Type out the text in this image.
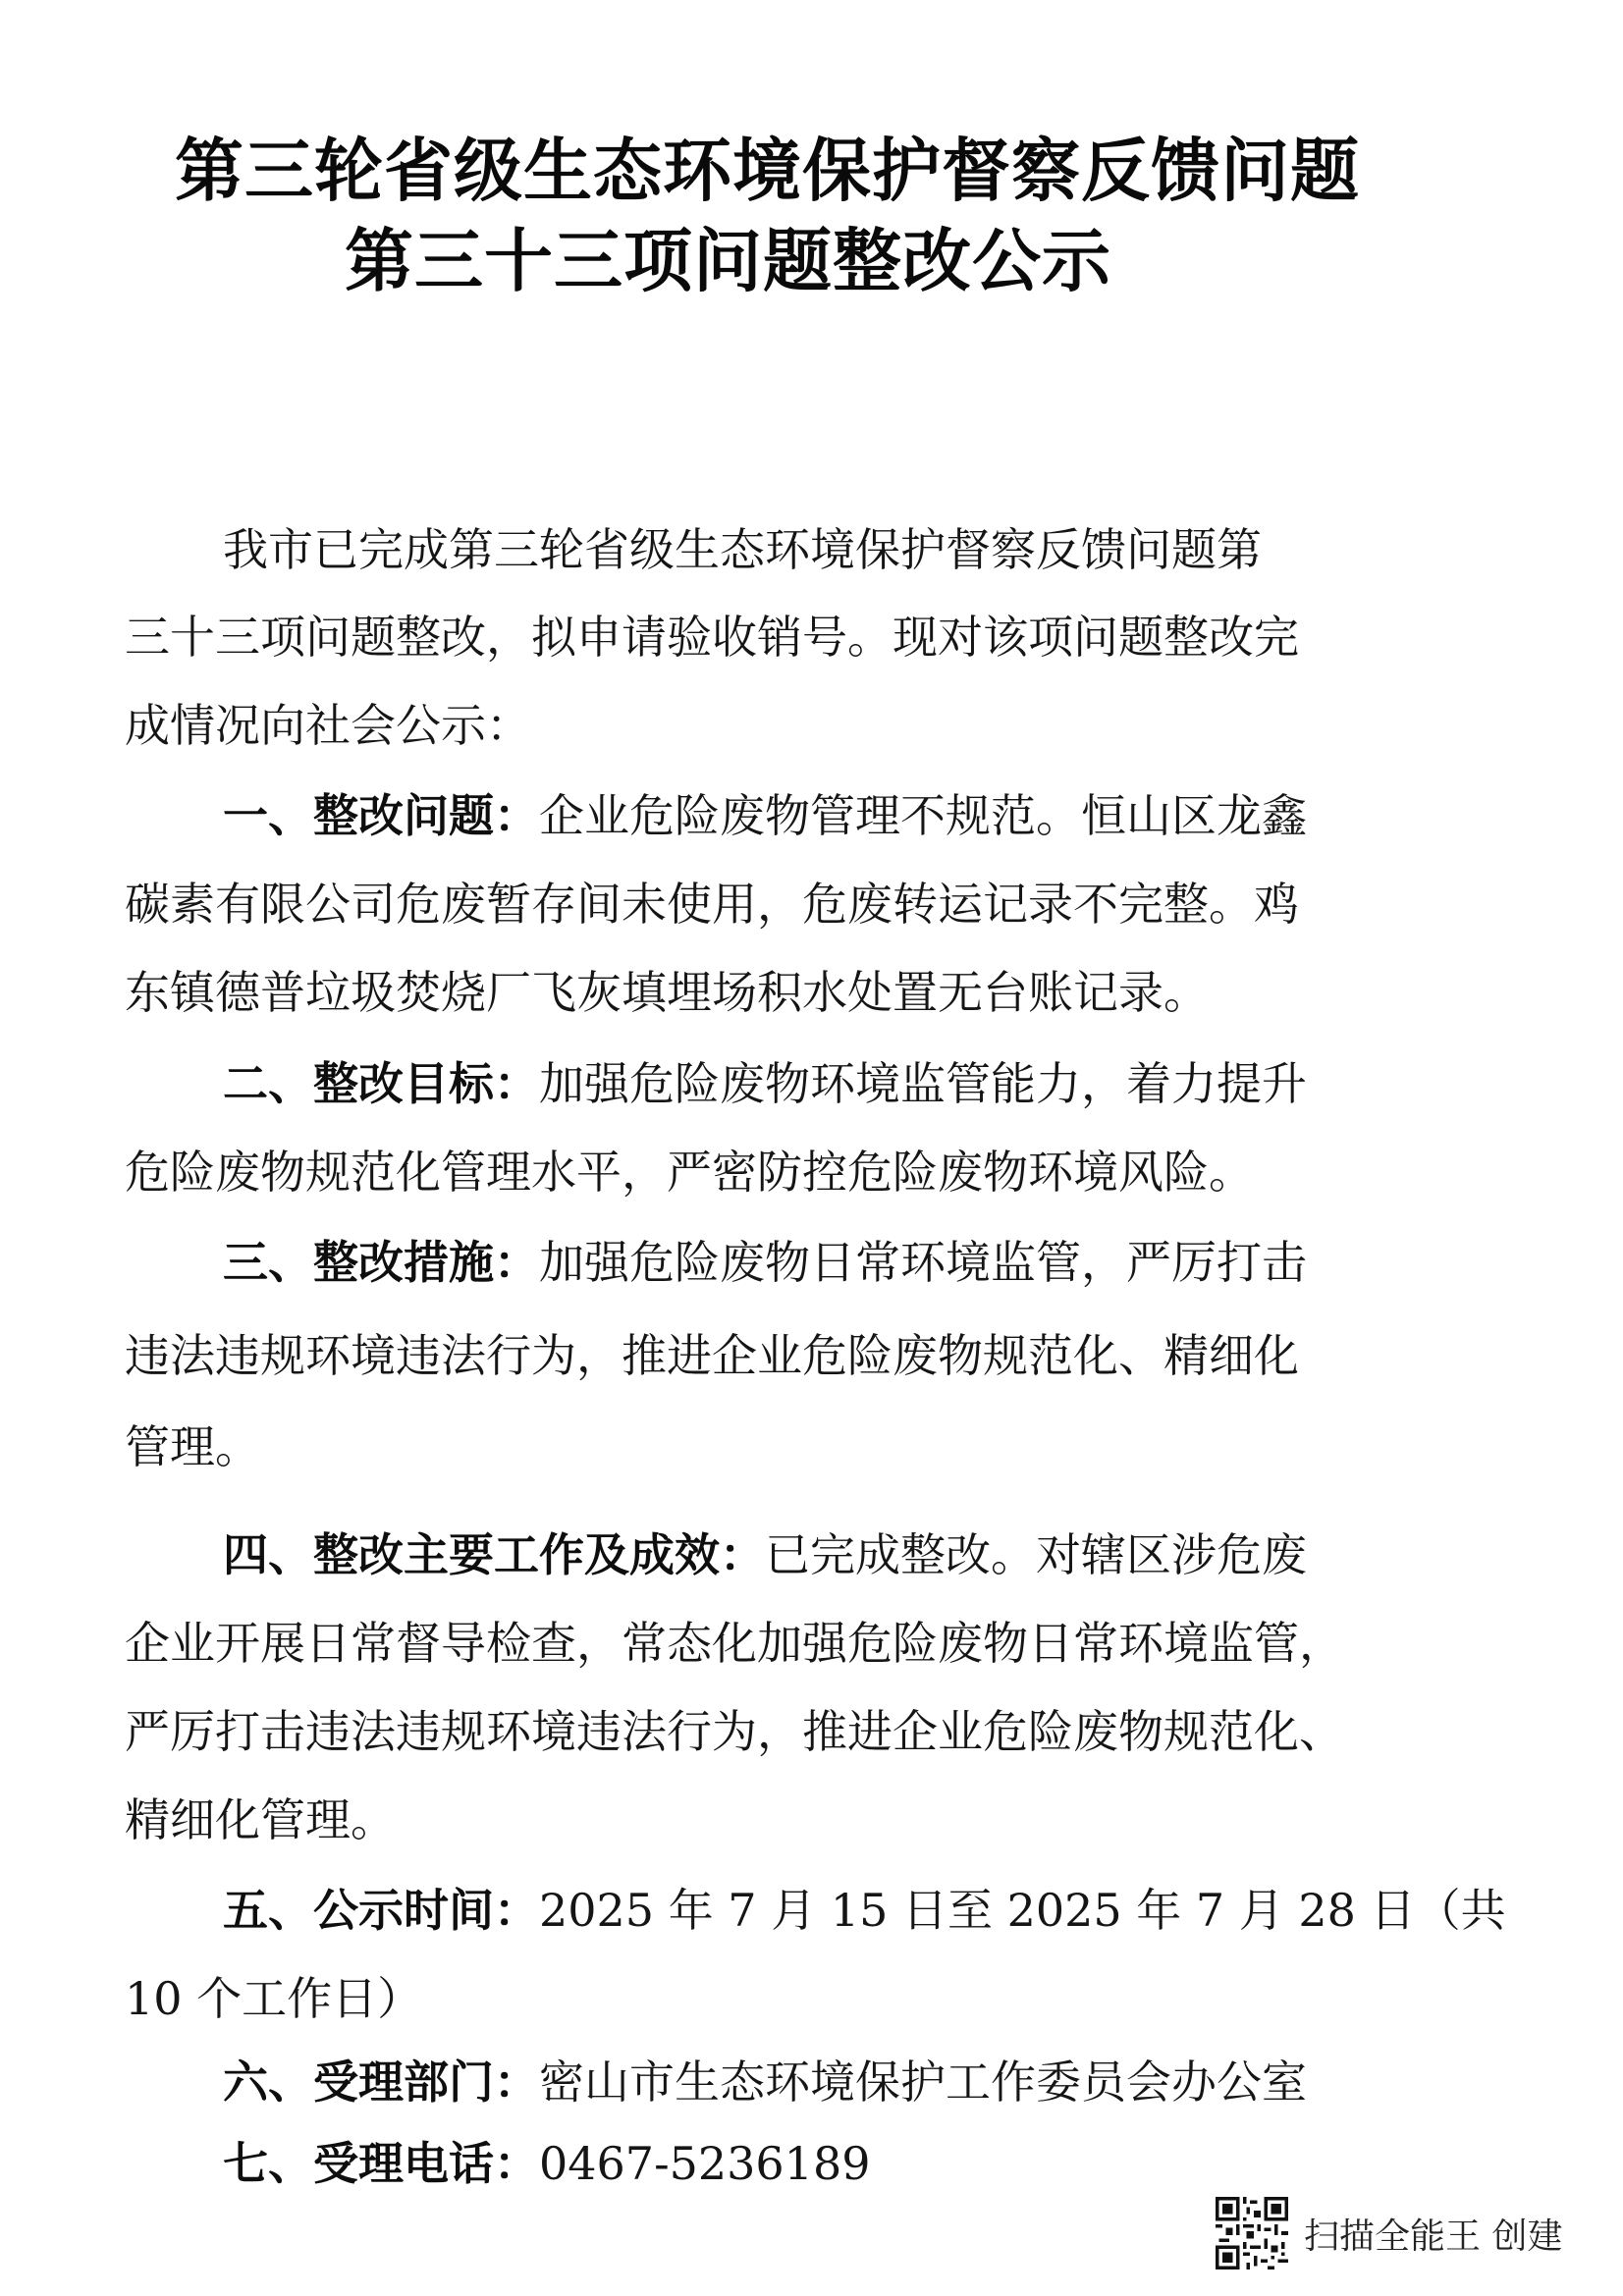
第三轮省级生态环境保护督察反馈问题
第三十三项问题整改公示
我市已完成第三轮省级生态环境保护督察反馈问题第
三十三项问题整改，拟申请验收销号。现对该项问题整改完
成情况向社会公示：
一、整改问题：企业危险废物管理不规范。恒山区龙鑫
碳素有限公司危废暂存间未使用，危废转运记录不完整。鸡
东镇德普垃圾焚烧厂飞灰填埋场积水处置无台账记录。
二、整改目标：加强危险废物环境监管能力，着力提升
危险废物规范化管理水平，严密防控危险废物环境风险。
三、整改措施：加强危险废物日常环境监管，严厉打击
违法违规环境违法行为，推进企业危险废物规范化、精细化
管理。
四、整改主要工作及成效：已完成整改。对辖区涉危废
企业开展日常督导检查，常态化加强危险废物日常环境监管，
严厉打击违法违规环境违法行为，推进企业危险废物规范化、
精细化管理。
五、公示时间：2025 年 7 月 15 日至 2025 年 7 月 28 日（共
10 个工作日）
六、受理部门：密山市生态环境保护工作委员会办公室
七、受理电话：0467-5236189
扫描全能王 创建
